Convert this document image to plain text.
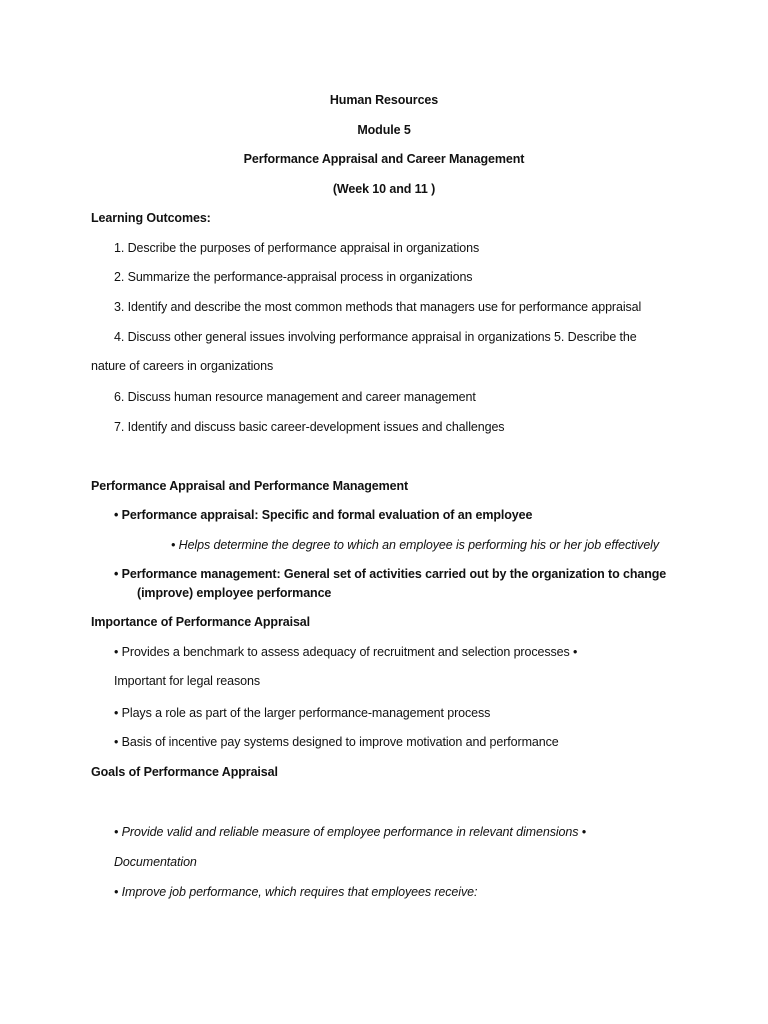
Human Resources
Module 5
Performance Appraisal and Career Management
(Week 10 and 11 )
Learning Outcomes:
1. Describe the purposes of performance appraisal in organizations
2. Summarize the performance-appraisal process in organizations
3. Identify and describe the most common methods that managers use for performance appraisal
4. Discuss other general issues involving performance appraisal in organizations 5. Describe the
nature of careers in organizations
6. Discuss human resource management and career management
7. Identify and discuss basic career-development issues and challenges
Performance Appraisal and Performance Management
• Performance appraisal: Specific and formal evaluation of an employee
• Helps determine the degree to which an employee is performing his or her job effectively
• Performance management: General set of activities carried out by the organization to change
(improve) employee performance
Importance of Performance Appraisal
• Provides a benchmark to assess adequacy of recruitment and selection processes •
Important for legal reasons
• Plays a role as part of the larger performance-management process
• Basis of incentive pay systems designed to improve motivation and performance
Goals of Performance Appraisal
• Provide valid and reliable measure of employee performance in relevant dimensions •
Documentation
• Improve job performance, which requires that employees receive:
